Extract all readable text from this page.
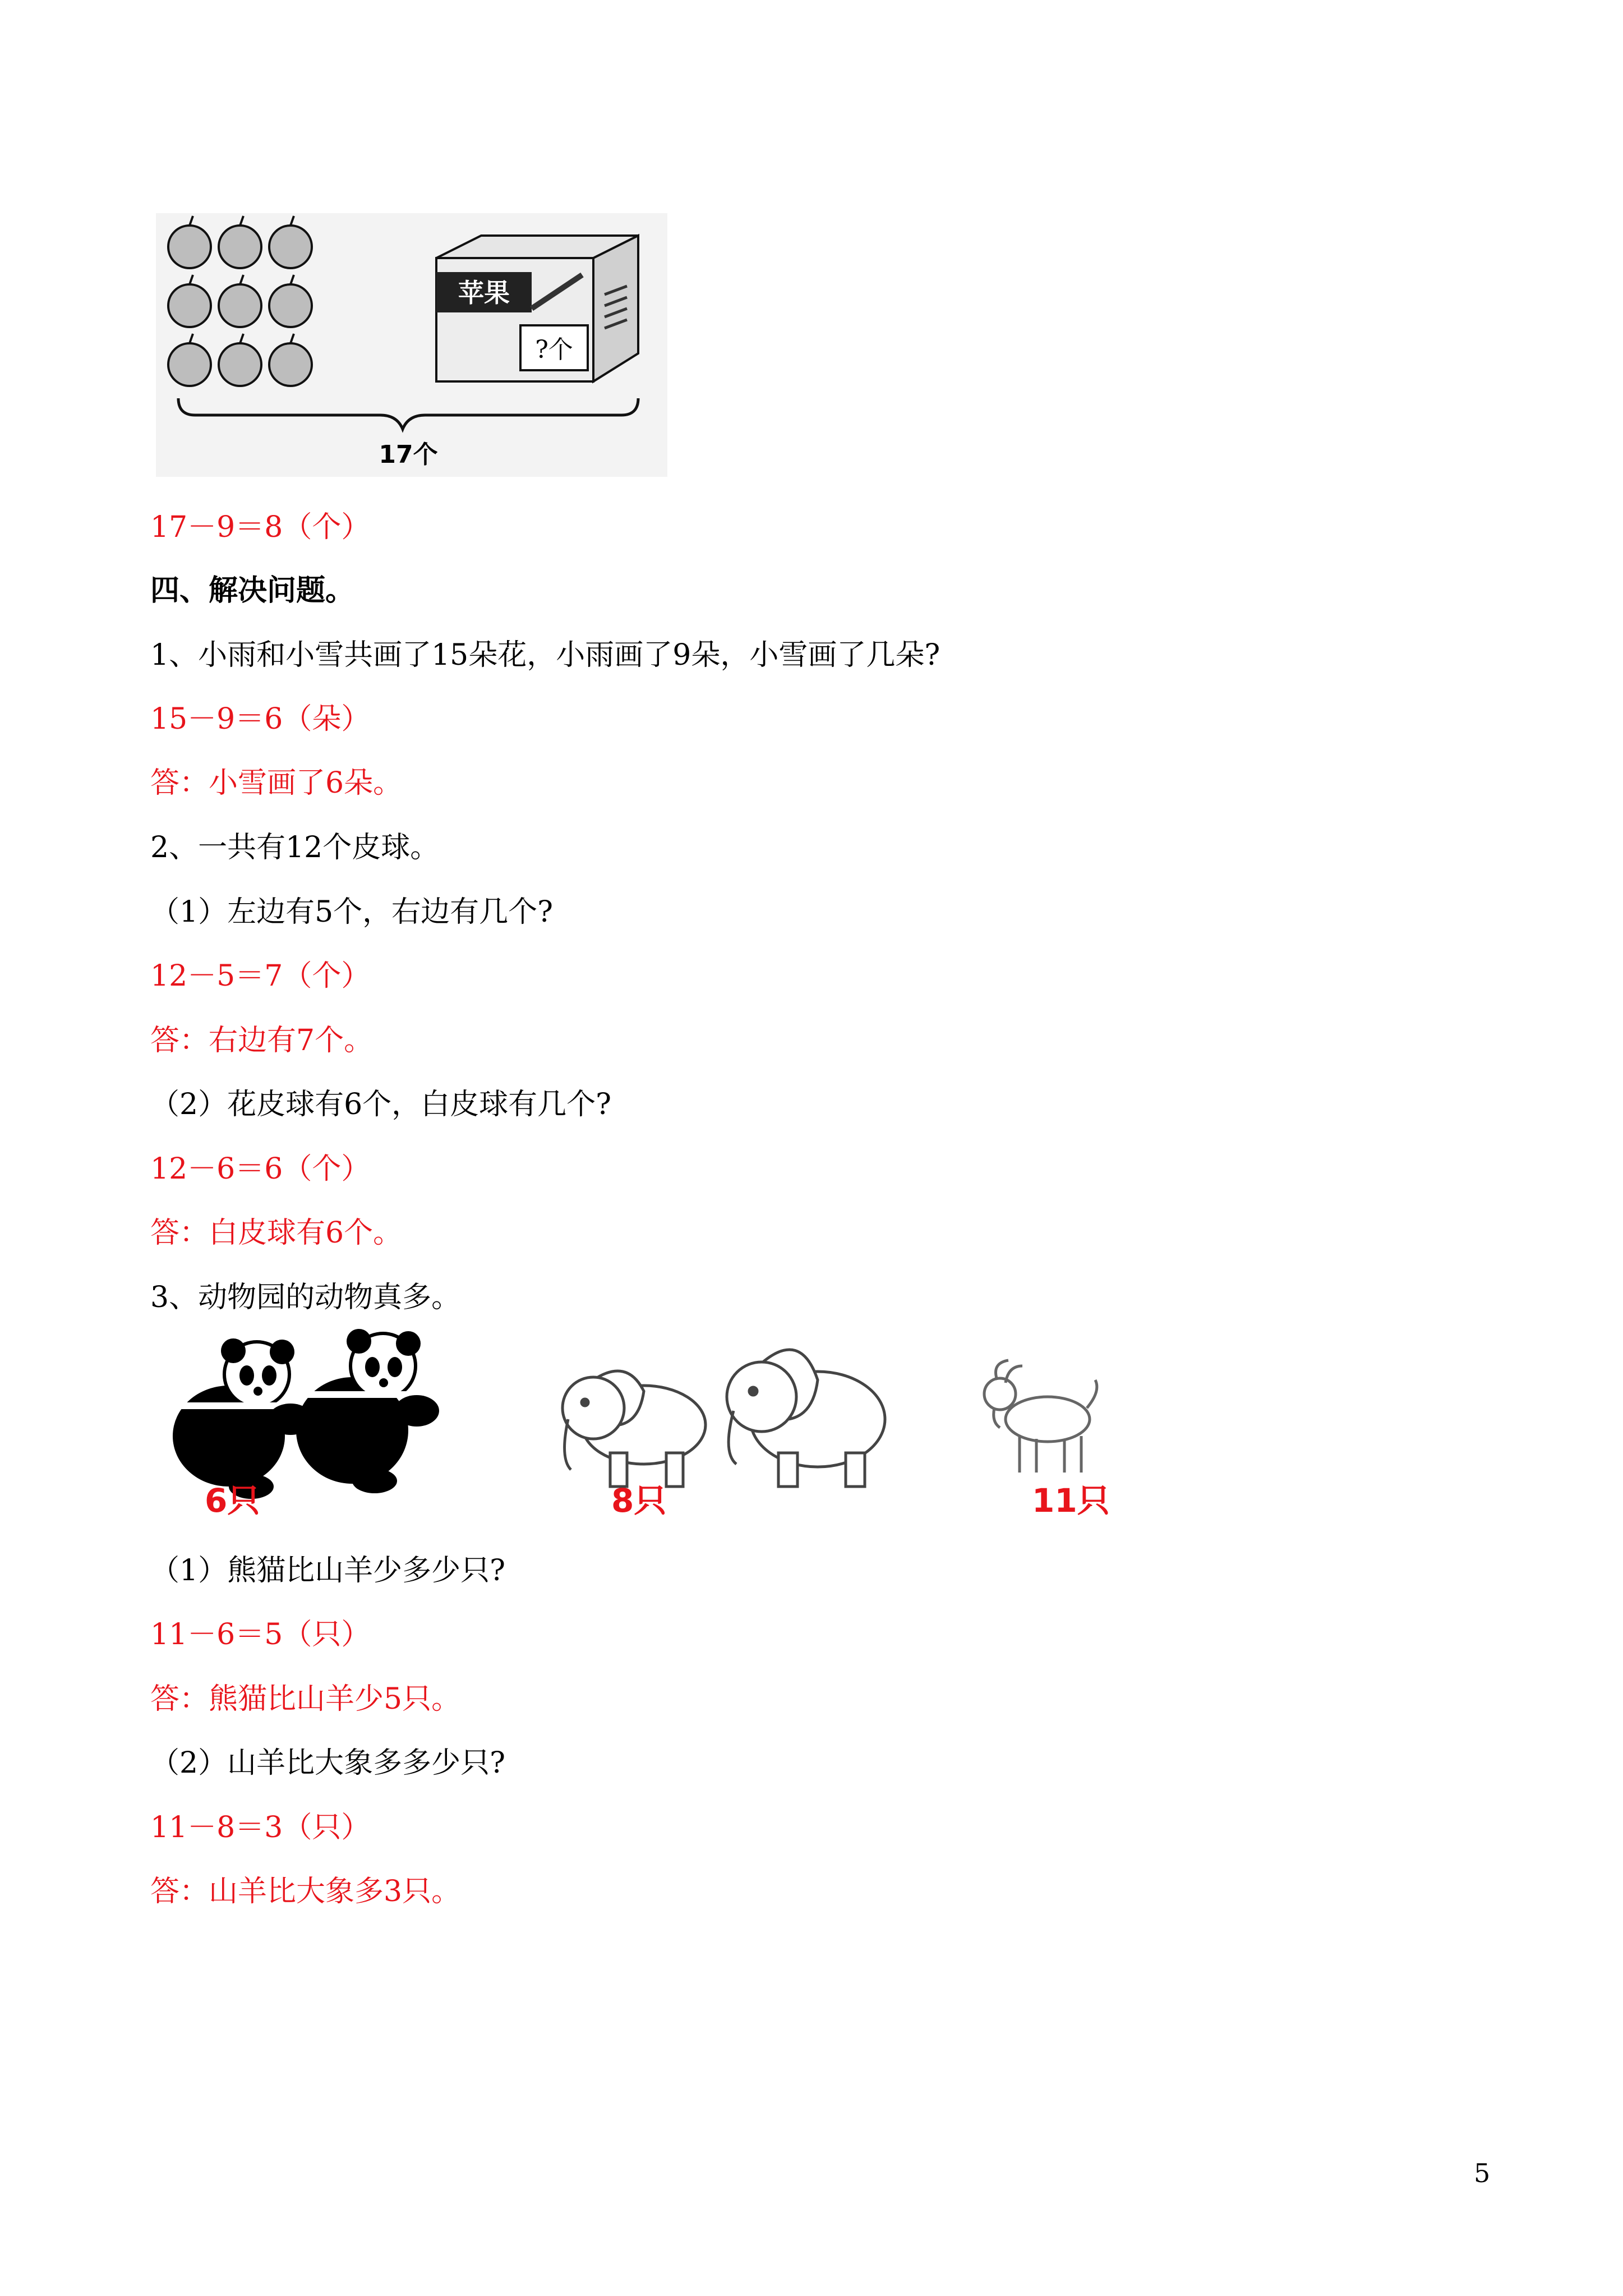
苹果
?个
17个
17－9＝8（个）
四、解决问题。
1、小雨和小雪共画了15朵花，小雨画了9朵，小雪画了几朵?
15－9＝6（朵）
答：小雪画了6朵。
2、一共有12个皮球。
（1）左边有5个，右边有几个?
12－5＝7（个）
答：右边有7个。
（2）花皮球有6个，白皮球有几个?
12－6＝6（个）
答：白皮球有6个。
3、动物园的动物真多。
6只	8只	11只
（1）熊猫比山羊少多少只?
11－6＝5（只）
答：熊猫比山羊少5只。
（2）山羊比大象多多少只?
11－8＝3（只）
答：山羊比大象多3只。
5
